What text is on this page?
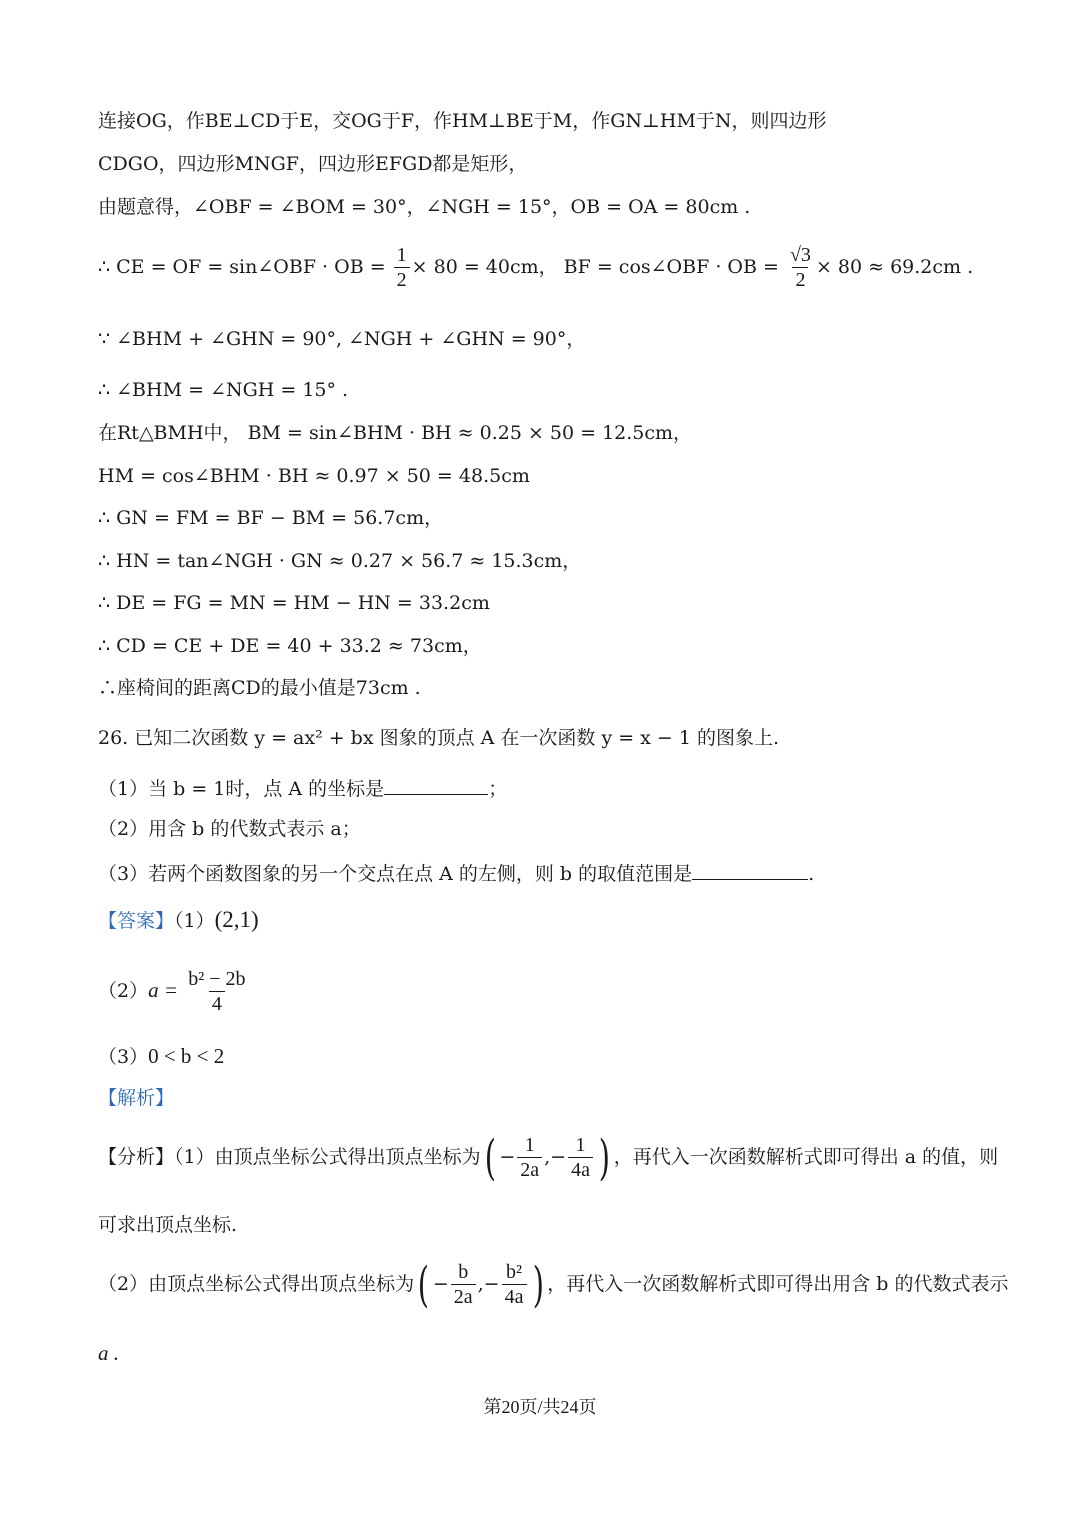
连接OG，作BE⊥CD于E，交OG于F，作HM⊥BE于M，作GN⊥HM于N，则四边形
CDGO，四边形MNGF，四边形EFGD都是矩形，
由题意得，∠OBF = ∠BOM = 30°，∠NGH = 15°，OB = OA = 80cm .
∴ CE = OF = sin∠OBF · OB = $\frac{1}{2} \times 80 = 40cm$， BF = cos∠OBF · OB = $\frac{√3}{2} \times 80 \approx 69.2cm$ .
∵ ∠BHM + ∠GHN = 90°, ∠NGH + ∠GHN = 90°，
∴ ∠BHM = ∠NGH = 15° .
在Rt△BMH中， BM = sin∠BHM · BH ≈ 0.25 × 50 = 12.5cm，
HM = cos∠BHM · BH ≈ 0.97 × 50 = 48.5cm
∴ GN = FM = BF − BM = 56.7cm，
∴ HN = tan∠NGH · GN ≈ 0.27 × 56.7 ≈ 15.3cm，
∴ DE = FG = MN = HM − HN = 33.2cm
∴ CD = CE + DE = 40 + 33.2 ≈ 73cm，
∴座椅间的距离CD的最小值是73cm .
26. 已知二次函数 y = ax² + bx 图象的顶点 A 在一次函数 y = x − 1 的图象上.
（1）当 b = 1时，点 A 的坐标是	；
（2）用含 b 的代数式表示 a；
（3）若两个函数图象的另一个交点在点 A 的左侧，则 b 的取值范围是	.
【答案】（1）(2,1)
$(2)a = \frac{\text{b² − 2b}}{4}$
（3）0 < b < 2
【解析】
【分析】（1）由顶点坐标公式得出顶点坐标为( − $\frac{1}{2a}$ ,− $\frac{1}{4a}$ ) ，再代入一次函数解析式即可得出 a 的值，则
可求出顶点坐标.
（2）由顶点坐标公式得出顶点坐标为( − $\frac{b}{2a}$ ,− $\frac{\text{b²}}{4a}$ ) ，再代入一次函数解析式即可得出用含 b 的代数式表示
a .
第20页/共24页
